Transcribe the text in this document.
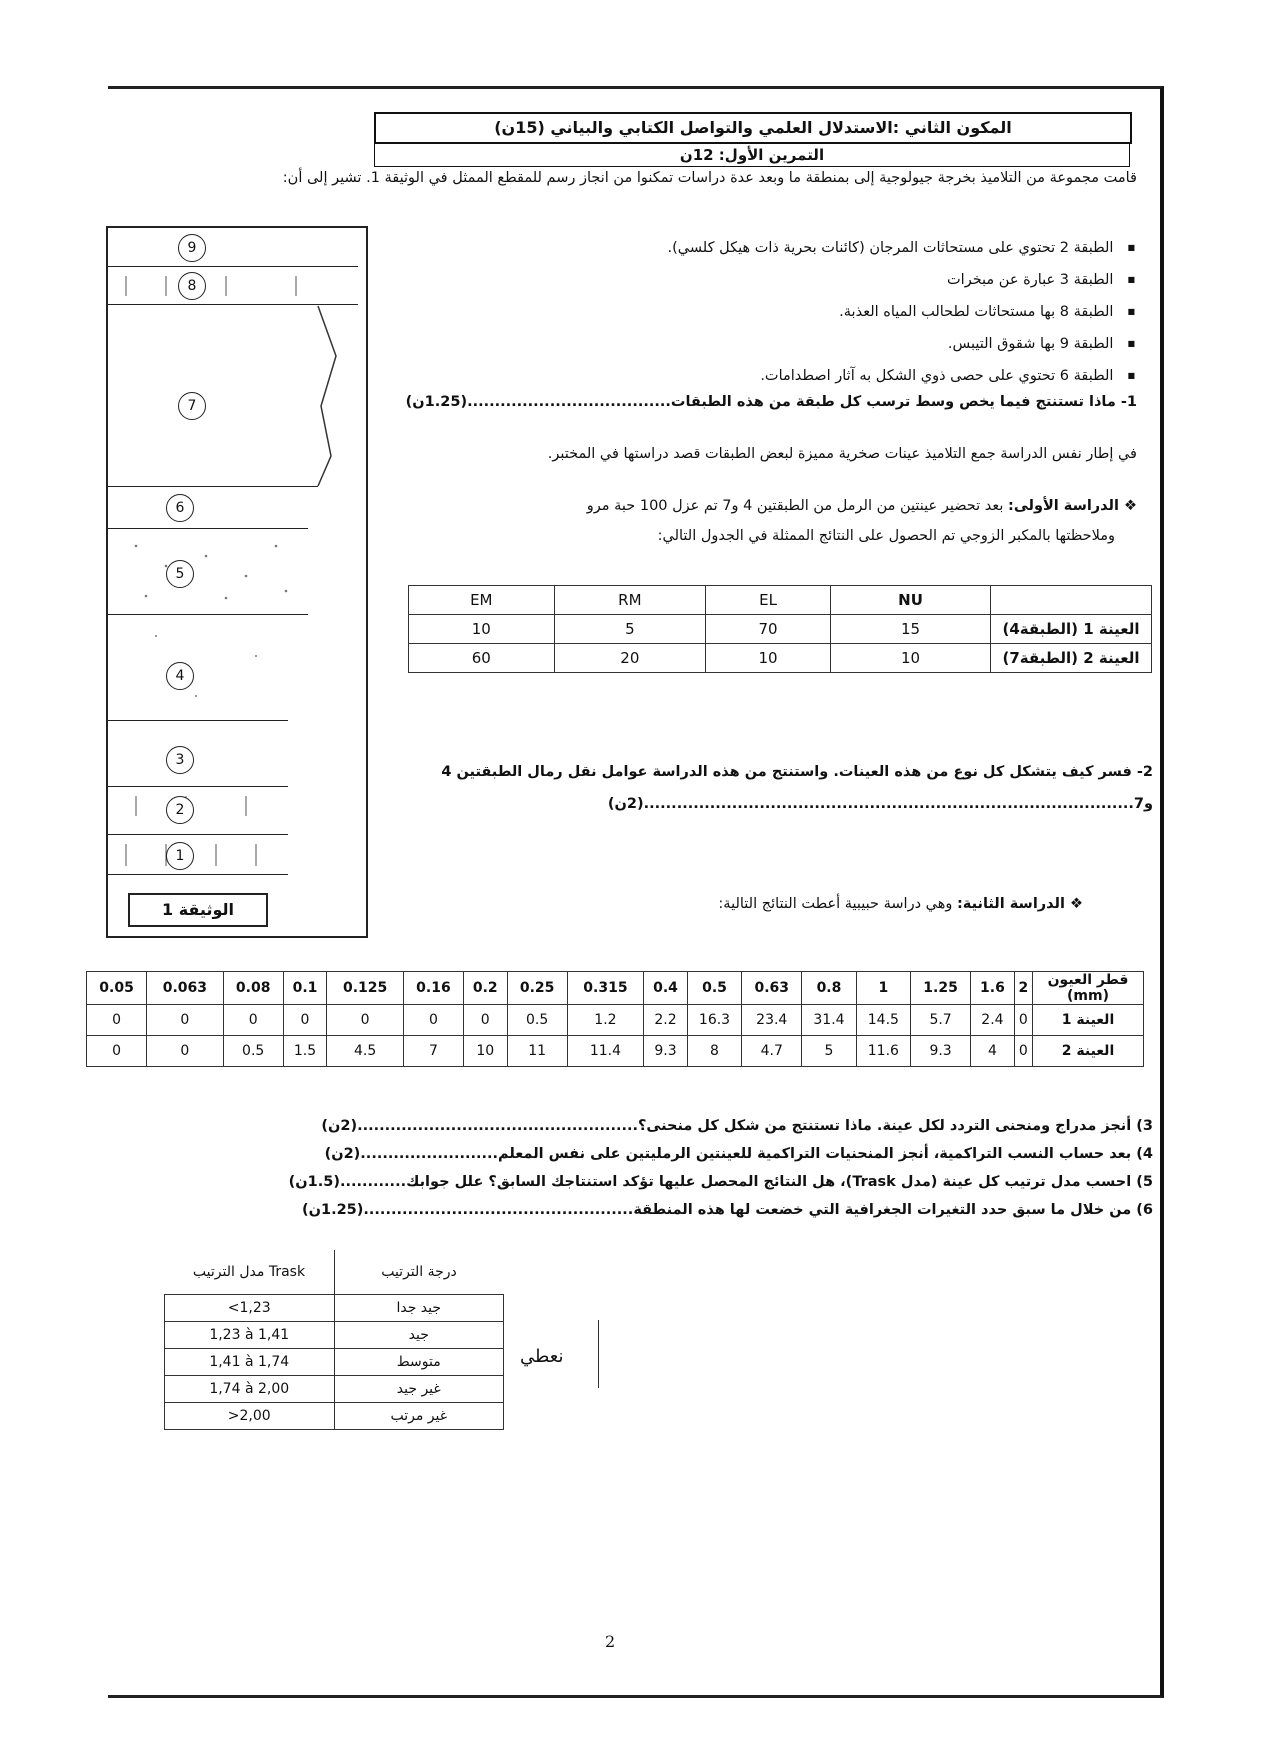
المكون الثاني :الاستدلال العلمي والتواصل الكتابي والبياني (15ن)
التمرين الأول: 12ن
قامت مجموعة من التلاميذ بخرجة جيولوجية إلى بمنطقة ما وبعد عدة دراسات تمكنوا من انجاز رسم للمقطع الممثل في الوثيقة 1. تشير إلى أن:
■ الطبقة 2 تحتوي على مستحاثات المرجان (كائنات بحرية ذات هيكل كلسي).
■ الطبقة 3 عبارة عن مبخرات
■ الطبقة 8 بها مستحاثات لطحالب المياه العذبة.
■ الطبقة 9 بها شقوق التيبس.
■ الطبقة 6 تحتوي على حصى ذوي الشكل به آثار اصطدامات.
1- ماذا تستنتج فيما يخص وسط ترسب كل طبقة من هذه الطبقات.....................................(1.25ن)
في إطار نفس الدراسة جمع التلاميذ عينات صخرية مميزة لبعض الطبقات قصد دراستها في المختبر.
❖ الدراسة الأولى: بعد تحضير عينتين من الرمل من الطبقتين 4 و7 تم عزل 100 حبة مرو
وملاحظتها بالمكبر الزوجي تم الحصول على النتائج الممثلة في الجدول التالي:
9
8
7
6
5
4
3
2
1
الوثيقة 1
EM	RM	EL	NU	
10	5	70	15	العينة 1 (الطبقة4)
60	20	10	10	العينة 2 (الطبقة7)
2- فسر كيف يتشكل كل نوع من هذه العينات. واستنتج من هذه الدراسة عوامل نقل رمال الطبقتين 4
و7.........................................................................................(2ن)
❖ الدراسة الثانية: وهي دراسة حبيبية أعطت النتائج التالية:
0.05	0.063	0.08	0.1	0.125	0.16	0.2	0.25	0.315	0.4	0.5	0.63	0.8	1	1.25	1.6	2	قطر العيون (mm)
0	0	0	0	0	0	0	0.5	1.2	2.2	16.3	23.4	31.4	14.5	5.7	2.4	0	العينة 1
0	0	0.5	1.5	4.5	7	10	11	11.4	9.3	8	4.7	5	11.6	9.3	4	0	العينة 2
3) أنجز مدراج ومنحنى التردد لكل عينة. ماذا تستنتج من شكل كل منحنى؟...................................................(2ن)
4) بعد حساب النسب التراكمية، أنجز المنحنيات التراكمية للعينتين الرمليتين على نفس المعلم.........................(2ن)
5) احسب مدل ترتيب كل عينة (مدل Trask)، هل النتائج المحصل عليها تؤكد استنتاجك السابق؟ علل جوابك............(1.5ن)
6) من خلال ما سبق حدد التغيرات الجغرافية التي خضعت لها هذه المنطقة.................................................(1.25ن)
مدل الترتيب Trask	درجة الترتيب
<1,23	جيد جدا
1,23 à 1,41	جيد
1,41 à 1,74	متوسط
1,74 à 2,00	غير جيد
>2,00	غير مرتب
نعطي
2
